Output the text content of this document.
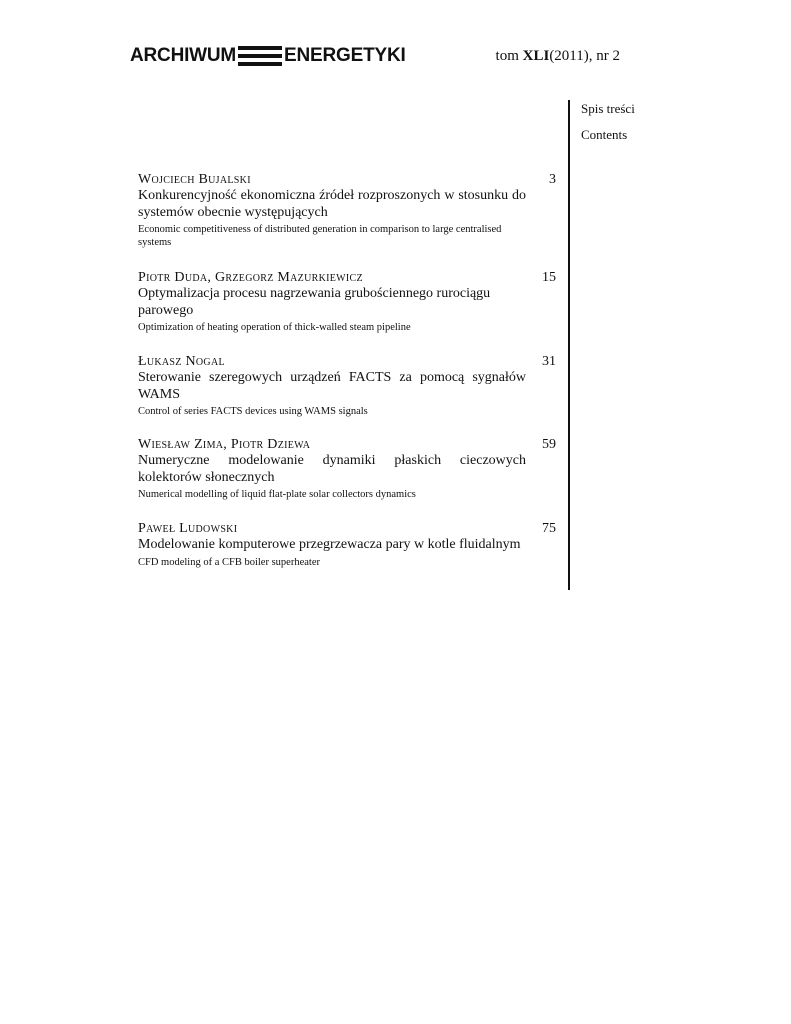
ARCHIWUM	ENERGETYKI	tom XLI(2011), nr 2
Spis treści
Contents
Wojciech Bujalski
Konkurencyjność ekonomiczna źródeł rozproszonych w stosunku do systemów obecnie występujących
Economic competitiveness of distributed generation in comparison to large centralised systems
3
Piotr Duda, Grzegorz Mazurkiewicz
Optymalizacja procesu nagrzewania grubościennego rurociągu parowego
Optimization of heating operation of thick-walled steam pipeline
15
Łukasz Nogal
Sterowanie szeregowych urządzeń FACTS za pomocą sygnałów WAMS
Control of series FACTS devices using WAMS signals
31
Wiesław Zima, Piotr Dziewa
Numeryczne modelowanie dynamiki płaskich cieczowych kolektorów słonecznych
Numerical modelling of liquid flat-plate solar collectors dynamics
59
Paweł Ludowski
Modelowanie komputerowe przegrzewacza pary w kotle fluidalnym
CFD modeling of a CFB boiler superheater
75
